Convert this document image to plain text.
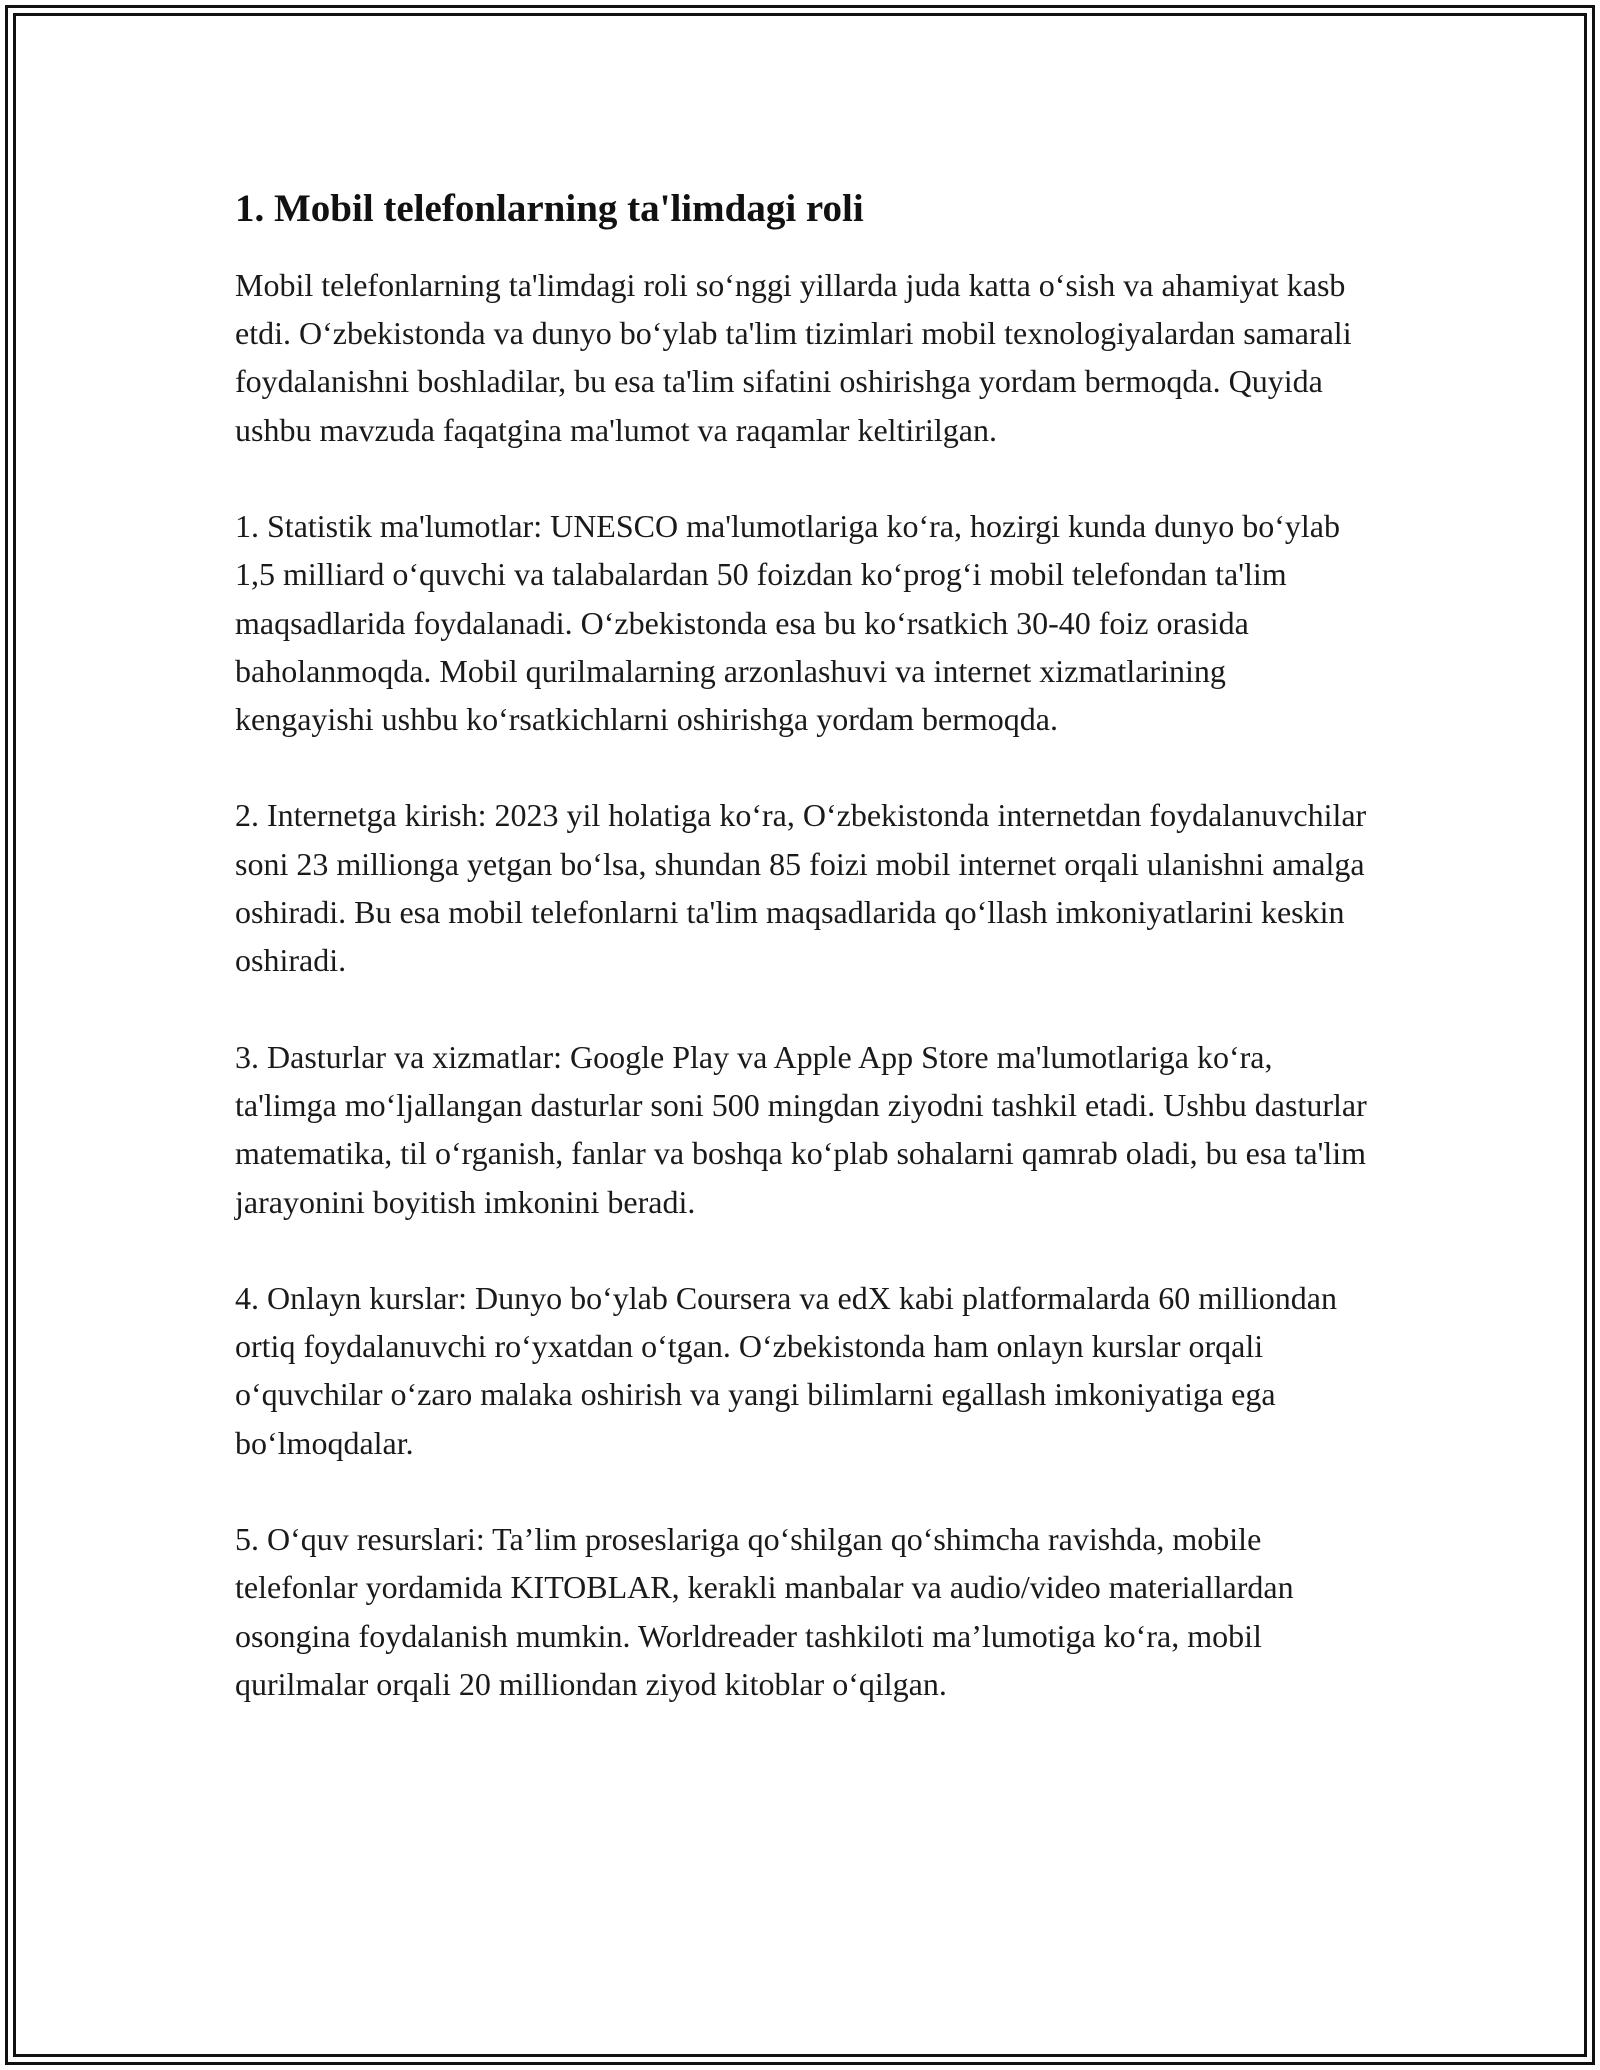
1. Mobil telefonlarning ta'limdagi roli

Mobil telefonlarning ta'limdagi roli so‘nggi yillarda juda katta o‘sish va ahamiyat kasb etdi. O‘zbekistonda va dunyo bo‘ylab ta'lim tizimlari mobil texnologiyalardan samarali foydalanishni boshladilar, bu esa ta'lim sifatini oshirishga yordam bermoqda. Quyida ushbu mavzuda faqatgina ma'lumot va raqamlar keltirilgan.

1. Statistik ma'lumotlar: UNESCO ma'lumotlariga ko‘ra, hozirgi kunda dunyo bo‘ylab 1,5 milliard o‘quvchi va talabalardan 50 foizdan ko‘prog‘i mobil telefondan ta'lim maqsadlarida foydalanadi. O‘zbekistonda esa bu ko‘rsatkich 30-40 foiz orasida baholanmoqda. Mobil qurilmalarning arzonlashuvi va internet xizmatlarining kengayishi ushbu ko‘rsatkichlarni oshirishga yordam bermoqda.

2. Internetga kirish: 2023 yil holatiga ko‘ra, O‘zbekistonda internetdan foydalanuvchilar soni 23 millionga yetgan bo‘lsa, shundan 85 foizi mobil internet orqali ulanishni amalga oshiradi. Bu esa mobil telefonlarni ta'lim maqsadlarida qo‘llash imkoniyatlarini keskin oshiradi.

3. Dasturlar va xizmatlar: Google Play va Apple App Store ma'lumotlariga ko‘ra, ta'limga mo‘ljallangan dasturlar soni 500 mingdan ziyodni tashkil etadi. Ushbu dasturlar matematika, til o‘rganish, fanlar va boshqa ko‘plab sohalarni qamrab oladi, bu esa ta'lim jarayonini boyitish imkonini beradi.

4. Onlayn kurslar: Dunyo bo‘ylab Coursera va edX kabi platformalarda 60 milliondan ortiq foydalanuvchi ro‘yxatdan o‘tgan. O‘zbekistonda ham onlayn kurslar orqali o‘quvchilar o‘zaro malaka oshirish va yangi bilimlarni egallash imkoniyatiga ega bo‘lmoqdalar.

5. O‘quv resurslari: Ta’lim proseslariga qo‘shilgan qo‘shimcha ravishda, mobile telefonlar yordamida KITOBLAR, kerakli manbalar va audio/video materiallardan osongina foydalanish mumkin. Worldreader tashkiloti ma’lumotiga ko‘ra, mobil qurilmalar orqali 20 milliondan ziyod kitoblar o‘qilgan.
